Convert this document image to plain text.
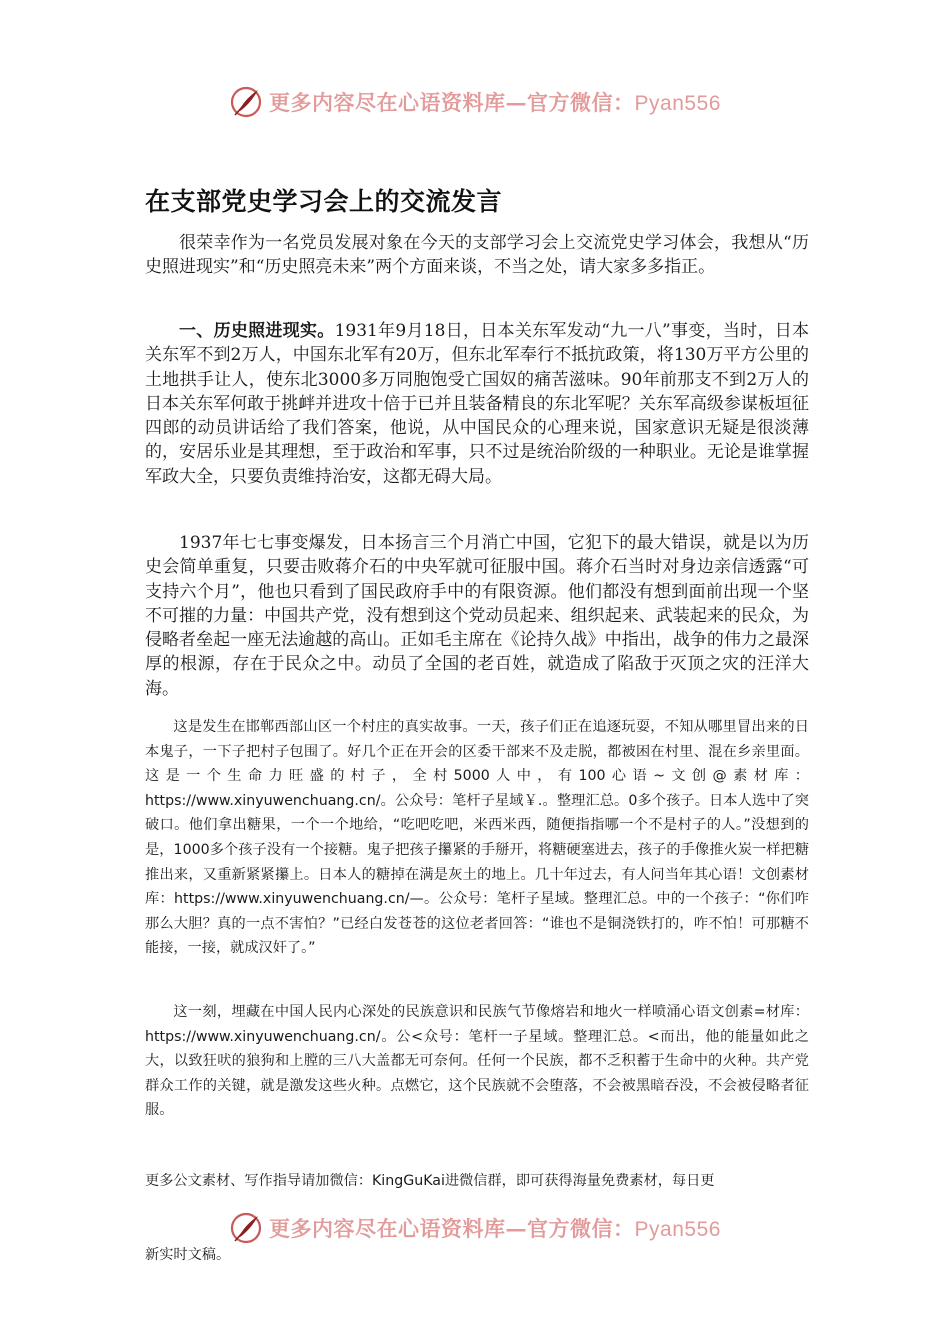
更多内容尽在心语资料库—官方微信：Pyan556
在支部党史学习会上的交流发言

很荣幸作为一名党员发展对象在今天的支部学习会上交流党史学习体会，我想从“历史照进现实”和“历史照亮未来”两个方面来谈，不当之处，请大家多多指正。

一、历史照进现实。1931年9月18日，日本关东军发动“九一八”事变，当时，日本关东军不到2万人，中国东北军有20万，但东北军奉行不抵抗政策，将130万平方公里的土地拱手让人，使东北3000多万同胞饱受亡国奴的痛苦滋味。90年前那支不到2万人的日本关东军何敢于挑衅并进攻十倍于已并且装备精良的东北军呢？关东军高级参谋板垣征四郎的动员讲话给了我们答案，他说，从中国民众的心理来说，国家意识无疑是很淡薄的，安居乐业是其理想，至于政治和军事，只不过是统治阶级的一种职业。无论是谁掌握军政大全，只要负责维持治安，这都无碍大局。

1937年七七事变爆发，日本扬言三个月消亡中国，它犯下的最大错误，就是以为历史会简单重复，只要击败蒋介石的中央军就可征服中国。蒋介石当时对身边亲信透露“可支持六个月”，他也只看到了国民政府手中的有限资源。他们都没有想到面前出现一个坚不可摧的力量：中国共产党，没有想到这个党动员起来、组织起来、武装起来的民众，为侵略者垒起一座无法逾越的高山。正如毛主席在《论持久战》中指出，战争的伟力之最深厚的根源，存在于民众之中。动员了全国的老百姓，就造成了陷敌于灭顶之灾的汪洋大海。

这是发生在邯郸西部山区一个村庄的真实故事。一天，孩子们正在追逐玩耍，不知从哪里冒出来的日本鬼子，一下子把村子包围了。好几个正在开会的区委干部来不及走脱，都被困在村里、混在乡亲里面。这是一个生命力旺盛的村子，全村5000人中，有100心语~文创@素材库：https://www.xinyuwenchuang.cn/。公众号：笔杆子星域￥.。整理汇总。0多个孩子。日本人选中了突破口。他们拿出糖果，一个一个地给，“吃吧吃吧，米西米西，随便指指哪一个不是村子的人。”没想到的是，1000多个孩子没有一个接糖。鬼子把孩子攥紧的手掰开，将糖硬塞进去，孩子的手像推火炭一样把糖推出来，又重新紧紧攥上。日本人的糖掉在满是灰土的地上。几十年过去，有人问当年其心语！文创素材库：https://www.xinyuwenchuang.cn/—。公众号：笔杆子星域。整理汇总。中的一个孩子：“你们咋那么大胆？真的一点不害怕？”已经白发苍苍的这位老者回答：“谁也不是铜浇铁打的，咋不怕！可那糖不能接，一接，就成汉奸了。”

这一刻，埋藏在中国人民内心深处的民族意识和民族气节像熔岩和地火一样喷涌心语文创素=材库：https://www.xinyuwenchuang.cn/。公<众号：笔杆一子星域。整理汇总。<而出，他的能量如此之大，以致狂吠的狼狗和上膛的三八大盖都无可奈何。任何一个民族，都不乏积蓄于生命中的火种。共产党群众工作的关键，就是激发这些火种。点燃它，这个民族就不会堕落，不会被黑暗吞没，不会被侵略者征服。

更多公文素材、写作指导请加微信：KingGuKai进微信群，即可获得海量免费素材，每日更

更多内容尽在心语资料库—官方微信：Pyan556

新实时文稿。
